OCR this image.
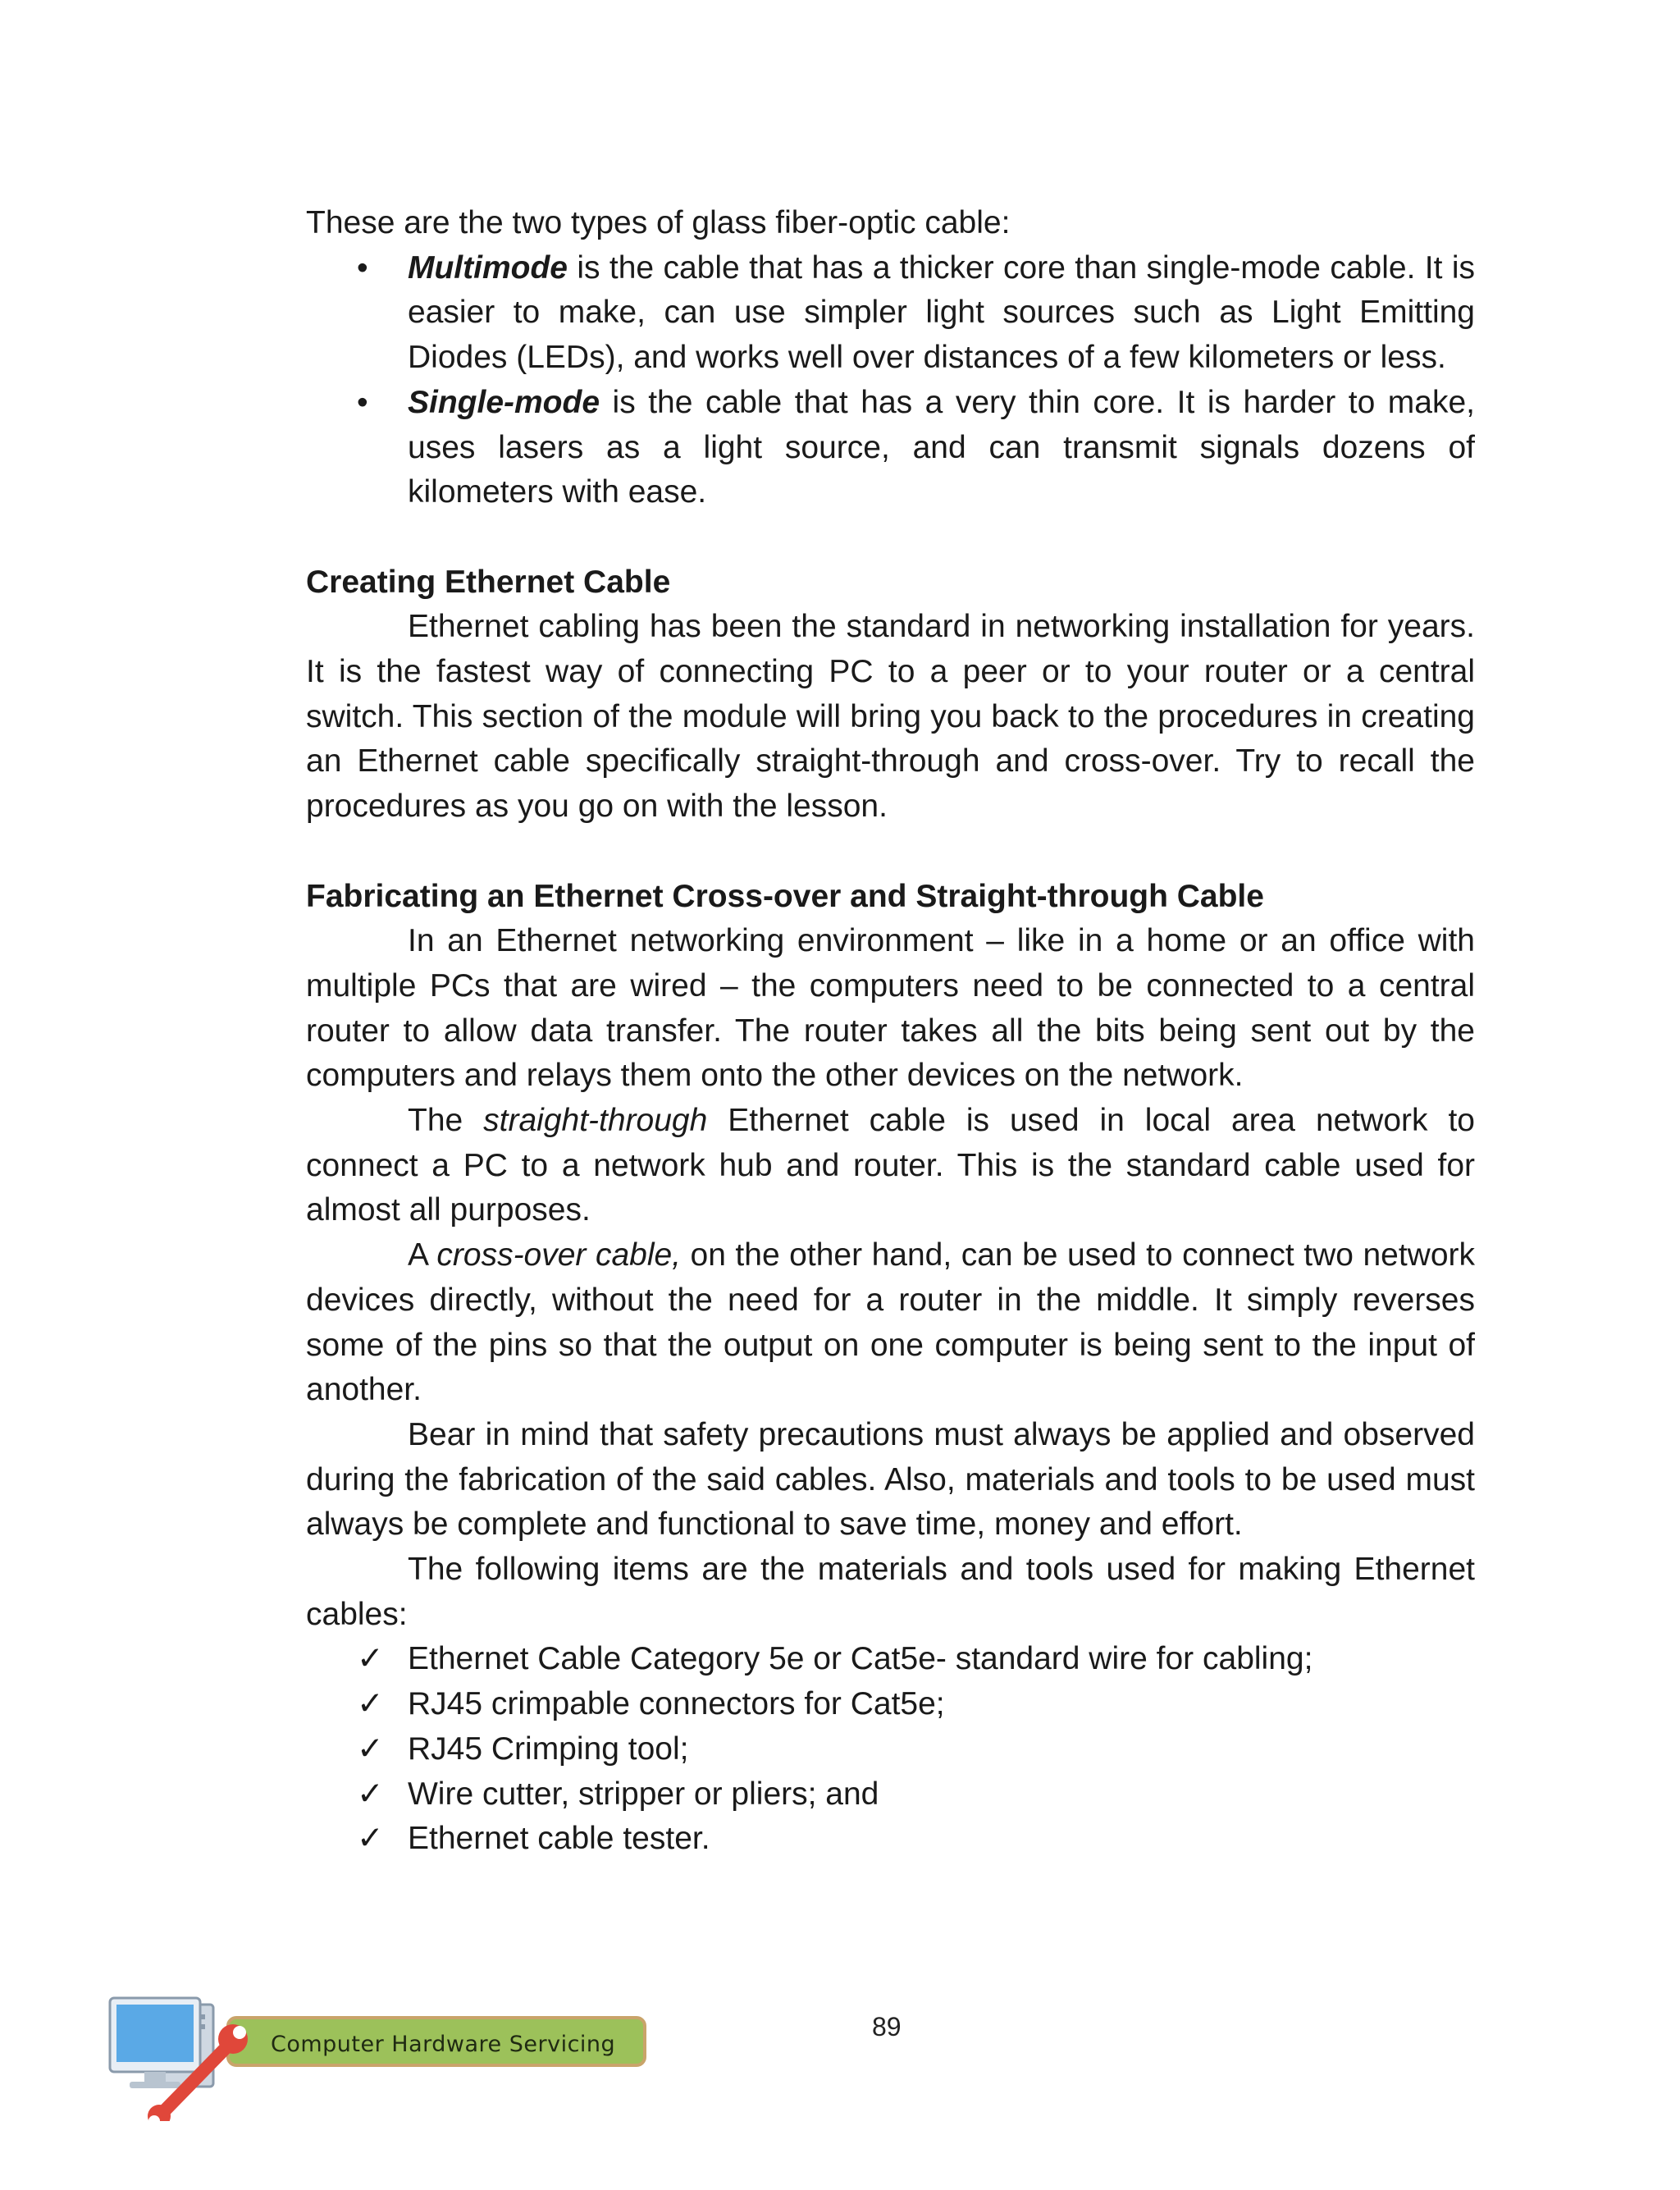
These are the two types of glass fiber-optic cable:

•	Multimode is the cable that has a thicker core than single-mode cable. It is easier to make, can use simpler light sources such as Light Emitting Diodes (LEDs), and works well over distances of a few kilometers or less.
•	Single-mode is the cable that has a very thin core. It is harder to make, uses lasers as a light source, and can transmit signals dozens of kilometers with ease.
Creating Ethernet Cable

Ethernet cabling has been the standard in networking installation for years. It is the fastest way of connecting PC to a peer or to your router or a central switch. This section of the module will bring you back to the procedures in creating an Ethernet cable specifically straight-through and cross-over. Try to recall the procedures as you go on with the lesson.

Fabricating an Ethernet Cross-over and Straight-through Cable

In an Ethernet networking environment – like in a home or an office with multiple PCs that are wired – the computers need to be connected to a central router to allow data transfer. The router takes all the bits being sent out by the computers and relays them onto the other devices on the network.

The straight-through Ethernet cable is used in local area network to connect a PC to a network hub and router. This is the standard cable used for almost all purposes.

A cross-over cable, on the other hand, can be used to connect two network devices directly, without the need for a router in the middle. It simply reverses some of the pins so that the output on one computer is being sent to the input of another.

Bear in mind that safety precautions must always be applied and observed during the fabrication of the said cables. Also, materials and tools to be used must always be complete and functional to save time, money and effort.

The following items are the materials and tools used for making Ethernet cables:

✓ Ethernet Cable Category 5e or Cat5e- standard wire for cabling;
✓ RJ45 crimpable connectors for Cat5e;
✓ RJ45 Crimping tool;
✓ Wire cutter, stripper or pliers; and
✓ Ethernet cable tester.
Computer Hardware Servicing
89
